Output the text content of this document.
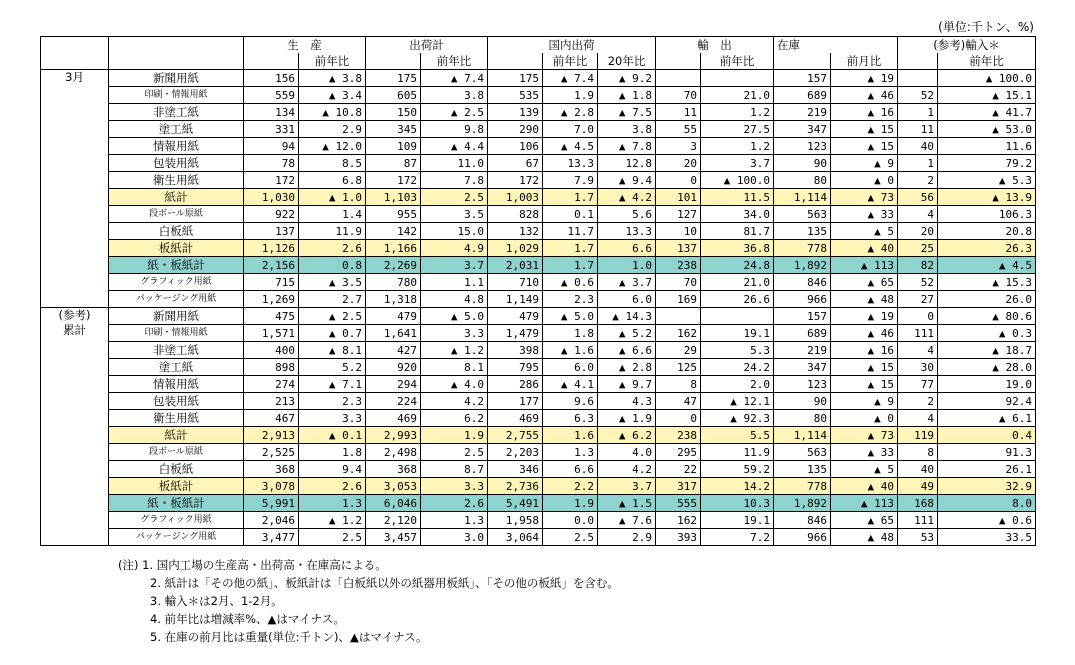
(単位:千トン、%)
		生　産		出荷計		国内出荷			輸　出		在庫		(参考)輸入＊	
			前年比		前年比		前年比	20年比		前年比		前月比		前年比

3月	新聞用紙	156	▲ 3.8	175	▲ 7.4	175	▲ 7.4	▲ 9.2			157	▲ 19		▲ 100.0
	印刷・情報用紙	559	▲ 3.4	605	3.8	535	1.9	▲ 1.8	70	21.0	689	▲ 46	52	▲ 15.1
	非塗工紙	134	▲ 10.8	150	▲ 2.5	139	▲ 2.8	▲ 7.5	11	1.2	219	▲ 16	1	▲ 41.7
	塗工紙	331	2.9	345	9.8	290	7.0	3.8	55	27.5	347	▲ 15	11	▲ 53.0
	情報用紙	94	▲ 12.0	109	▲ 4.4	106	▲ 4.5	▲ 7.8	3	1.2	123	▲ 15	40	11.6
	包装用紙	78	8.5	87	11.0	67	13.3	12.8	20	3.7	90	▲ 9	1	79.2
	衛生用紙	172	6.8	172	7.8	172	7.9	▲ 9.4	0	▲ 100.0	80	▲ 0	2	▲ 5.3
	紙計	1,030	▲ 1.0	1,103	2.5	1,003	1.7	▲ 4.2	101	11.5	1,114	▲ 73	56	▲ 13.9
	段ボール原紙	922	1.4	955	3.5	828	0.1	5.6	127	34.0	563	▲ 33	4	106.3
	白板紙	137	11.9	142	15.0	132	11.7	13.3	10	81.7	135	▲ 5	20	20.8
	板紙計	1,126	2.6	1,166	4.9	1,029	1.7	6.6	137	36.8	778	▲ 40	25	26.3
	紙・板紙計	2,156	0.8	2,269	3.7	2,031	1.7	1.0	238	24.8	1,892	▲ 113	82	▲ 4.5
	グラフィック用紙	715	▲ 3.5	780	1.1	710	▲ 0.6	▲ 3.7	70	21.0	846	▲ 65	52	▲ 15.3
	パッケージング用紙	1,269	2.7	1,318	4.8	1,149	2.3	6.0	169	26.6	966	▲ 48	27	26.0

(参考)
累計	新聞用紙	475	▲ 2.5	479	▲ 5.0	479	▲ 5.0	▲ 14.3			157	▲ 19	0	▲ 80.6
	印刷・情報用紙	1,571	▲ 0.7	1,641	3.3	1,479	1.8	▲ 5.2	162	19.1	689	▲ 46	111	▲ 0.3
	非塗工紙	400	▲ 8.1	427	▲ 1.2	398	▲ 1.6	▲ 6.6	29	5.3	219	▲ 16	4	▲ 18.7
	塗工紙	898	5.2	920	8.1	795	6.0	▲ 2.8	125	24.2	347	▲ 15	30	▲ 28.0
	情報用紙	274	▲ 7.1	294	▲ 4.0	286	▲ 4.1	▲ 9.7	8	2.0	123	▲ 15	77	19.0
	包装用紙	213	2.3	224	4.2	177	9.6	4.3	47	▲ 12.1	90	▲ 9	2	92.4
	衛生用紙	467	3.3	469	6.2	469	6.3	▲ 1.9	0	▲ 92.3	80	▲ 0	4	▲ 6.1
	紙計	2,913	▲ 0.1	2,993	1.9	2,755	1.6	▲ 6.2	238	5.5	1,114	▲ 73	119	0.4
	段ボール原紙	2,525	1.8	2,498	2.5	2,203	1.3	4.0	295	11.9	563	▲ 33	8	91.3
	白板紙	368	9.4	368	8.7	346	6.6	4.2	22	59.2	135	▲ 5	40	26.1
	板紙計	3,078	2.6	3,053	3.3	2,736	2.2	3.7	317	14.2	778	▲ 40	49	32.9
	紙・板紙計	5,991	1.3	6,046	2.6	5,491	1.9	▲ 1.5	555	10.3	1,892	▲ 113	168	8.0
	グラフィック用紙	2,046	▲ 1.2	2,120	1.3	1,958	0.0	▲ 7.6	162	19.1	846	▲ 65	111	▲ 0.6
	パッケージング用紙	3,477	2.5	3,457	3.0	3,064	2.5	2.9	393	7.2	966	▲ 48	53	33.5
(注) 1. 国内工場の生産高・出荷高・在庫高による。
2. 紙計は「その他の紙」、板紙計は「白板紙以外の紙器用板紙」、「その他の板紙」を含む。
3. 輸入＊は2月、1-2月。
4. 前年比は増減率%、▲はマイナス。
5. 在庫の前月比は重量(単位:千トン)、▲はマイナス。
